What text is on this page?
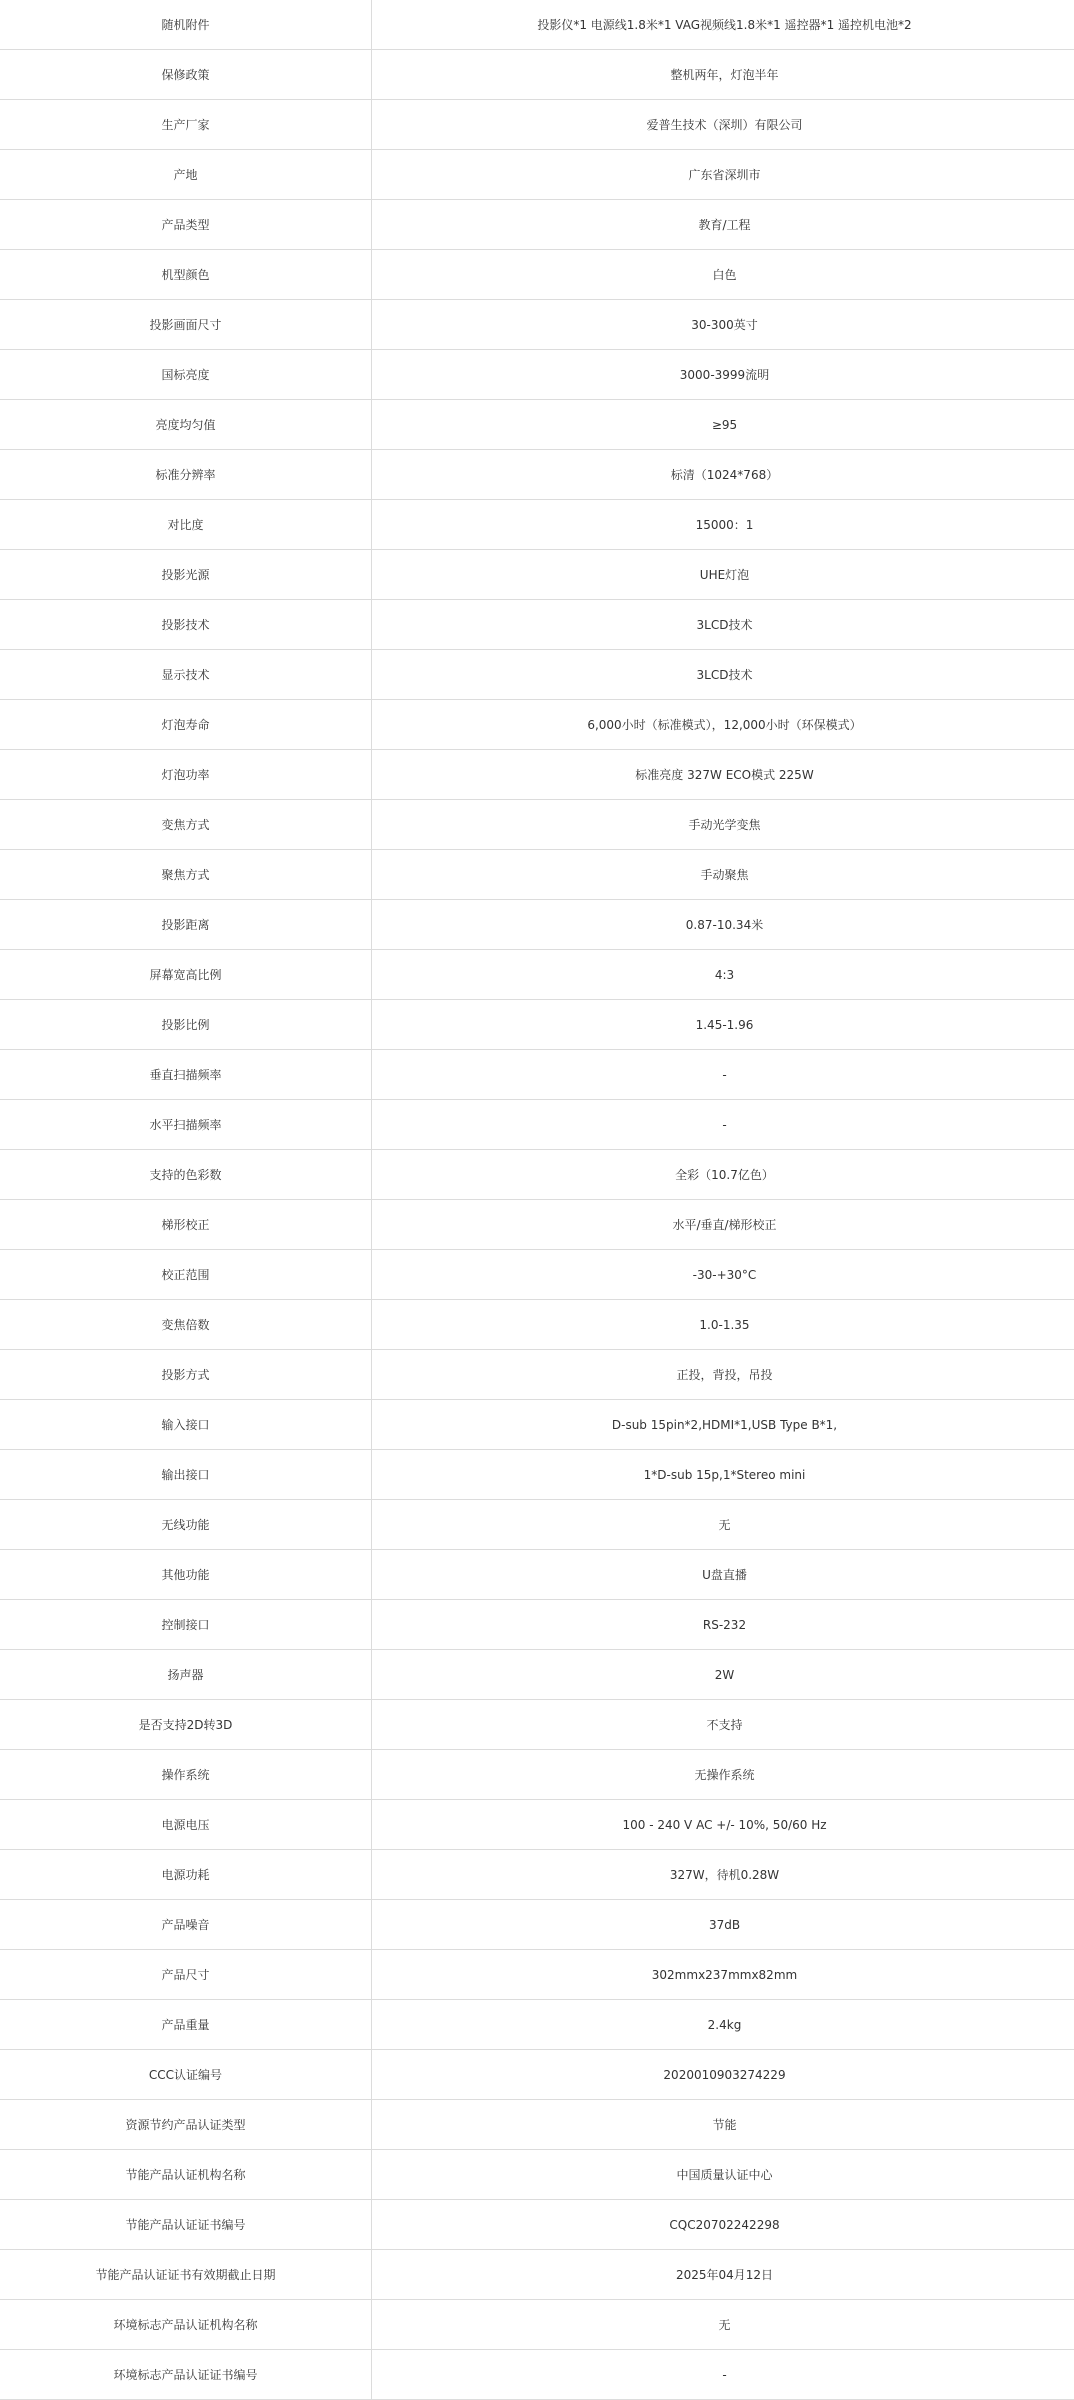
随机附件	投影仪*1 电源线1.8米*1 VAG视频线1.8米*1 遥控器*1 遥控机电池*2	
保修政策	整机两年，灯泡半年	
生产厂家	爱普生技术（深圳）有限公司	
产地	广东省深圳市	
产品类型	教育/工程	
机型颜色	白色	
投影画面尺寸	30-300英寸	
国标亮度	3000-3999流明	
亮度均匀值	≥95	
标准分辨率	标清（1024*768）	
对比度	15000：1	
投影光源	UHE灯泡	
投影技术	3LCD技术	
显示技术	3LCD技术	
灯泡寿命	6,000小时（标准模式），12,000小时（环保模式）	
灯泡功率	标准亮度 327W ECO模式 225W	
变焦方式	手动光学变焦	
聚焦方式	手动聚焦	
投影距离	0.87-10.34米	
屏幕宽高比例	4:3	
投影比例	1.45-1.96	
垂直扫描频率	-	
水平扫描频率	-	
支持的色彩数	全彩（10.7亿色）	
梯形校正	水平/垂直/梯形校正	
校正范围	-30-+30°C	
变焦倍数	1.0-1.35	
投影方式	正投，背投，吊投	
输入接口	D-sub 15pin*2,HDMI*1,USB Type B*1,	
输出接口	1*D-sub 15p,1*Stereo mini	
无线功能	无	
其他功能	U盘直播	
控制接口	RS-232	
扬声器	2W	
是否支持2D转3D	不支持	
操作系统	无操作系统	
电源电压	100 - 240 V AC +/- 10%, 50/60 Hz	
电源功耗	327W，待机0.28W	
产品噪音	37dB	
产品尺寸	302mmx237mmx82mm	
产品重量	2.4kg	
CCC认证编号	2020010903274229	
资源节约产品认证类型	节能	
节能产品认证机构名称	中国质量认证中心	
节能产品认证证书编号	CQC20702242298	
节能产品认证证书有效期截止日期	2025年04月12日	
环境标志产品认证机构名称	无	
环境标志产品认证证书编号	-	
